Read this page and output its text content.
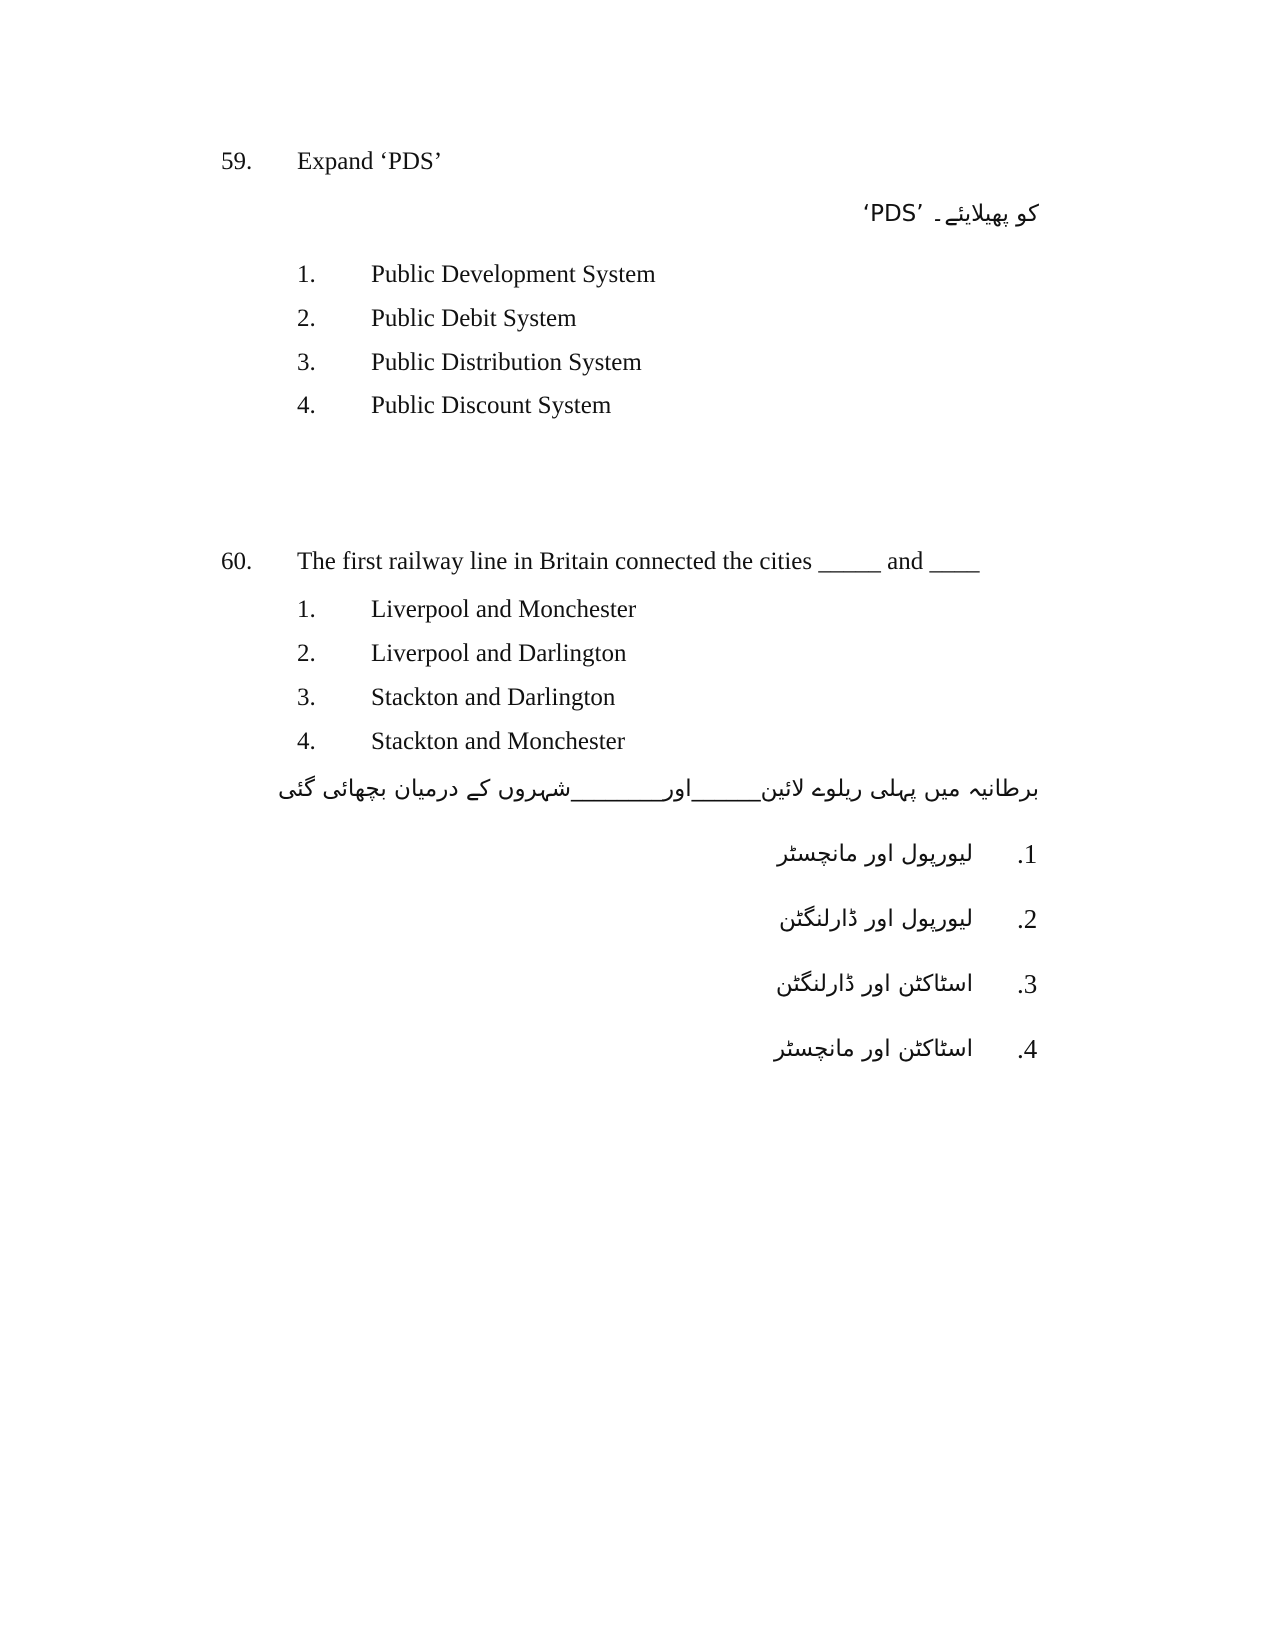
59. Expand ‘PDS’
‘PDS’ کو پھیلایئے۔
1. Public Development System
2. Public Debit System
3. Public Distribution System
4. Public Discount System
60. The first railway line in Britain connected the cities _____ and ____
1. Liverpool and Monchester
2. Liverpool and Darlington
3. Stackton and Darlington
4. Stackton and Monchester
برطانیہ میں پہلی ریلوے لائین______اور________شہروں کے درمیان بچھائی گئی
.1
لیورپول اور مانچسٹر
.2
لیورپول اور ڈارلنگٹن
.3
اسٹاکٹن اور ڈارلنگٹن
.4
اسٹاکٹن اور مانچسٹر
